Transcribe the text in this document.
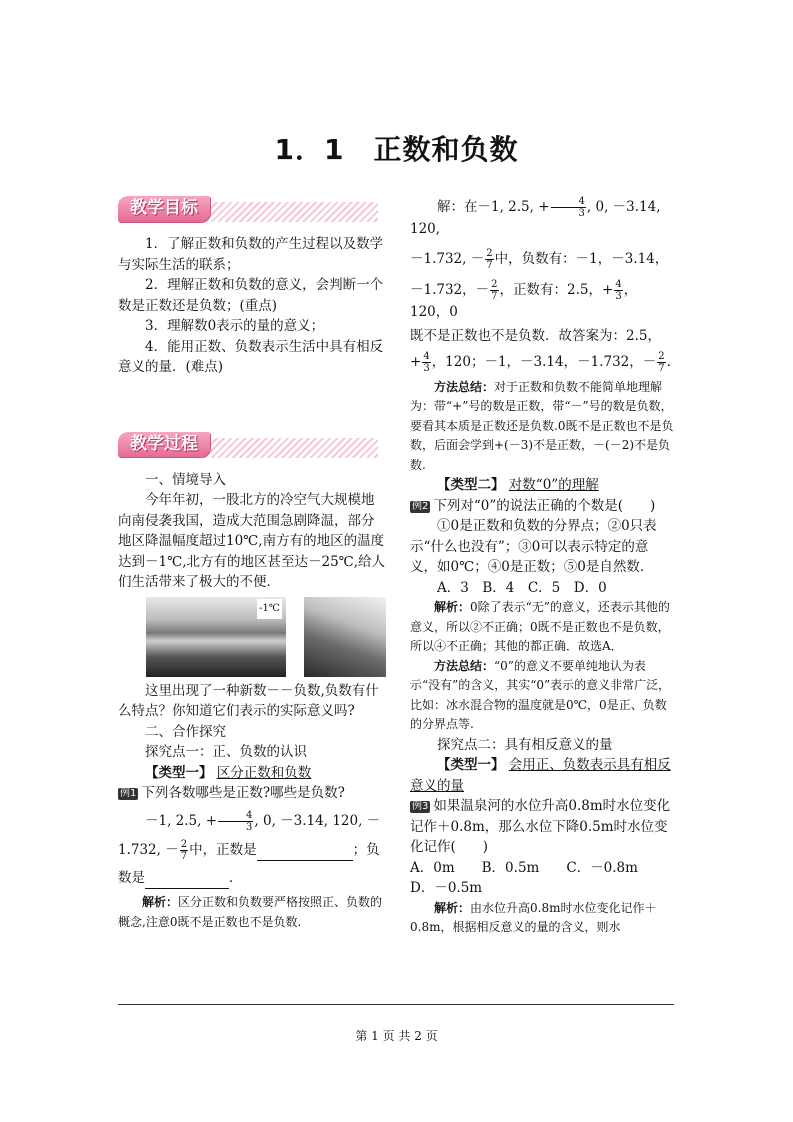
1．1　正数和负数
教学目标

1．了解正数和负数的产生过程以及数学与实际生活的联系；

2．理解正数和负数的意义，会判断一个数是正数还是负数；(重点)

3．理解数0表示的量的意义；

4．能用正数、负数表示生活中具有相反意义的量．(难点)

教学过程

一、情境导入

今年年初，一股北方的冷空气大规模地向南侵袭我国，造成大范围急剧降温，部分地区降温幅度超过10℃,南方有的地区的温度达到－1℃,北方有的地区甚至达－25℃,给人们生活带来了极大的不便．

-1℃

这里出现了一种新数－－负数,负数有什么特点？你知道它们表示的实际意义吗?

二、合作探究

探究点一：正、负数的认识

【类型一】 区分正数和负数

例1 下列各数哪些是正数?哪些是负数?

－1, 2.5, + $\frac{4}{3}$ , 0, －3.14, 120, －

1.732, － $\frac{2}{7}$ 中，正数是	；负

数是	．

解析：区分正数和负数要严格按照正、负数的概念,注意0既不是正数也不是负数.

解：在－1, 2.5, + $\frac{4}{3}$ , 0, －3.14, 120,

－1.732, － $\frac{2}{7}$ 中，负数有：－1，－3.14，

－1.732，－ $\frac{2}{7}$ ，正数有：2.5，+ $\frac{4}{3}$ ，120，0

既不是正数也不是负数．故答案为：2.5，

+ $\frac{4}{3}$ ，120；－1，－3.14，－1.732，－ $\frac{2}{7}$ .

方法总结：对于正数和负数不能简单地理解为：带“+”号的数是正数，带“－”号的数是负数，要看其本质是正数还是负数.0既不是正数也不是负数，后面会学到+(－3)不是正数，－(－2)不是负数.

【类型二】 对数“0”的理解

例2 下列对“0”的说法正确的个数是(　　)

①0是正数和负数的分界点；②0只表示“什么也没有”；③0可以表示特定的意义，如0℃；④0是正数；⑤0是自然数．

A．3　B．4　C．5　D．0

解析：0除了表示“无”的意义，还表示其他的意义，所以②不正确；0既不是正数也不是负数，所以④不正确；其他的都正确．故选A．

方法总结：“0”的意义不要单纯地认为表示“没有”的含义，其实“0”表示的意义非常广泛，比如：冰水混合物的温度就是0℃，0是正、负数的分界点等.

探究点二：具有相反意义的量

【类型一】 会用正、负数表示具有相反意义的量

例3 如果温泉河的水位升高0.8m时水位变化记作＋0.8m，那么水位下降0.5m时水位变化记作(　　)

A．0m　　B．0.5m　　C．－0.8m

D．－0.5m

解析：由水位升高0.8m时水位变化记作＋0.8m，根据相反意义的量的含义，则水

第 1 页 共 2 页
